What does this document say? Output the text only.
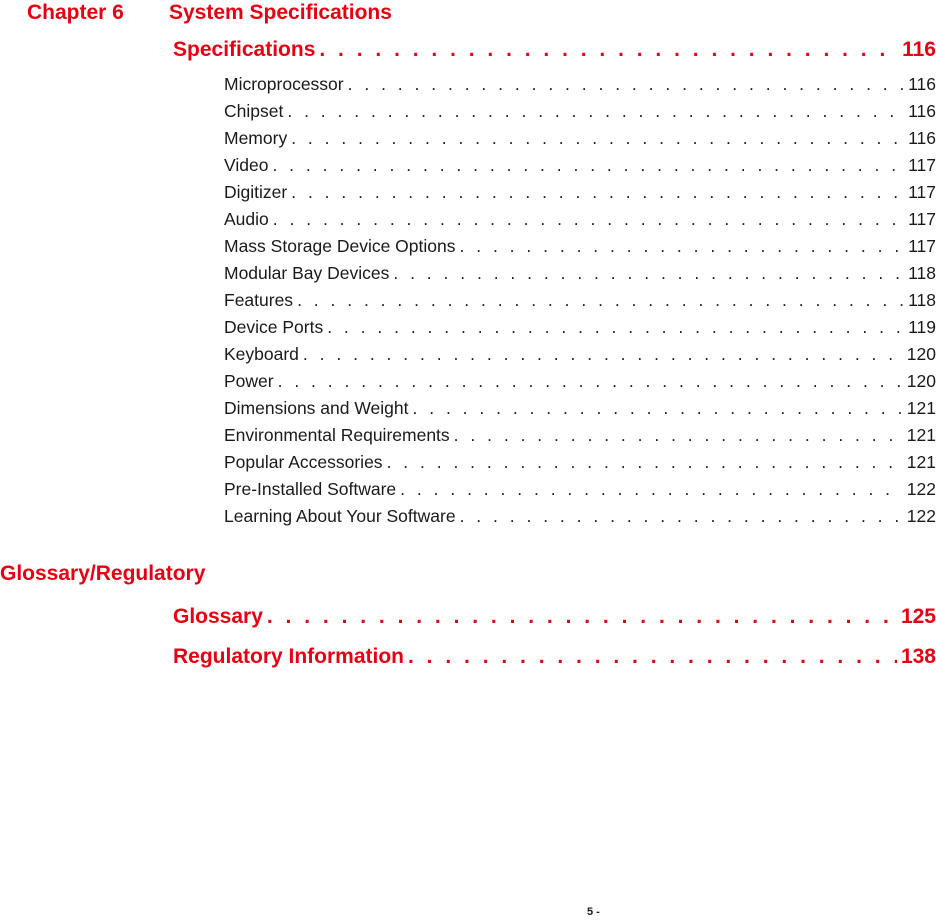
Chapter 6	System Specifications
Specifications . . .	116
Microprocessor . . .	116
Chipset . . .	116
Memory . . .	116
Video . . .	117
Digitizer . . .	117
Audio . . .	117
Mass Storage Device Options . . .	117
Modular Bay Devices . . .	118
Features . . .	118
Device Ports . . .	119
Keyboard . . .	120
Power . . .	120
Dimensions and Weight . . .	121
Environmental Requirements . . .	121
Popular Accessories . . .	121
Pre-Installed Software . . .	122
Learning About Your Software . . .	122
Glossary/Regulatory
Glossary . . .	125
Regulatory Information . . .	138
5 -
